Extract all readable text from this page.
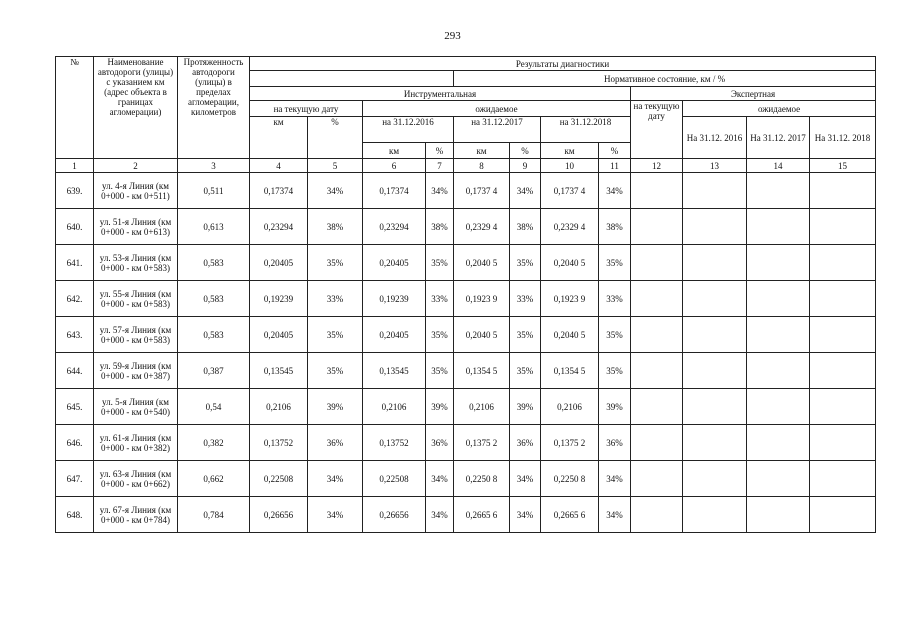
293
№	Наименование автодороги (улицы) с указанием км (адрес объекта в границах агломерации)	Протяженность автодороги (улицы) в пределах агломерации, километров	Результаты диагностики											
							Нормативное состояние, км / %							
			Инструментальная								Экспертная			
			на текущую дату		ожидаемое						на текущую дату	ожидаемое		
			км	%	на 31.12.2016		на 31.12.2017		на 31.12.2018			На 31.12. 2016	На 31.12. 2017	На 31.12. 2018
					км	%	км	%	км	%				
1	2	3	4	5	6	7	8	9	10	11	12	13	14	15
639.	ул. 4-я Линия (км 0+000 - км 0+511)	0,511	0,17374	34%	0,17374	34%	0,1737 4	34%	0,1737 4	34%				
640.	ул. 51-я Линия (км 0+000 - км 0+613)	0,613	0,23294	38%	0,23294	38%	0,2329 4	38%	0,2329 4	38%				
641.	ул. 53-я Линия (км 0+000 - км 0+583)	0,583	0,20405	35%	0,20405	35%	0,2040 5	35%	0,2040 5	35%				
642.	ул. 55-я Линия (км 0+000 - км 0+583)	0,583	0,19239	33%	0,19239	33%	0,1923 9	33%	0,1923 9	33%				
643.	ул. 57-я Линия (км 0+000 - км 0+583)	0,583	0,20405	35%	0,20405	35%	0,2040 5	35%	0,2040 5	35%				
644.	ул. 59-я Линия (км 0+000 - км 0+387)	0,387	0,13545	35%	0,13545	35%	0,1354 5	35%	0,1354 5	35%				
645.	ул. 5-я Линия (км 0+000 - км 0+540)	0,54	0,2106	39%	0,2106	39%	0,2106	39%	0,2106	39%				
646.	ул. 61-я Линия (км 0+000 - км 0+382)	0,382	0,13752	36%	0,13752	36%	0,1375 2	36%	0,1375 2	36%				
647.	ул. 63-я Линия (км 0+000 - км 0+662)	0,662	0,22508	34%	0,22508	34%	0,2250 8	34%	0,2250 8	34%				
648.	ул. 67-я Линия (км 0+000 - км 0+784)	0,784	0,26656	34%	0,26656	34%	0,2665 6	34%	0,2665 6	34%				
